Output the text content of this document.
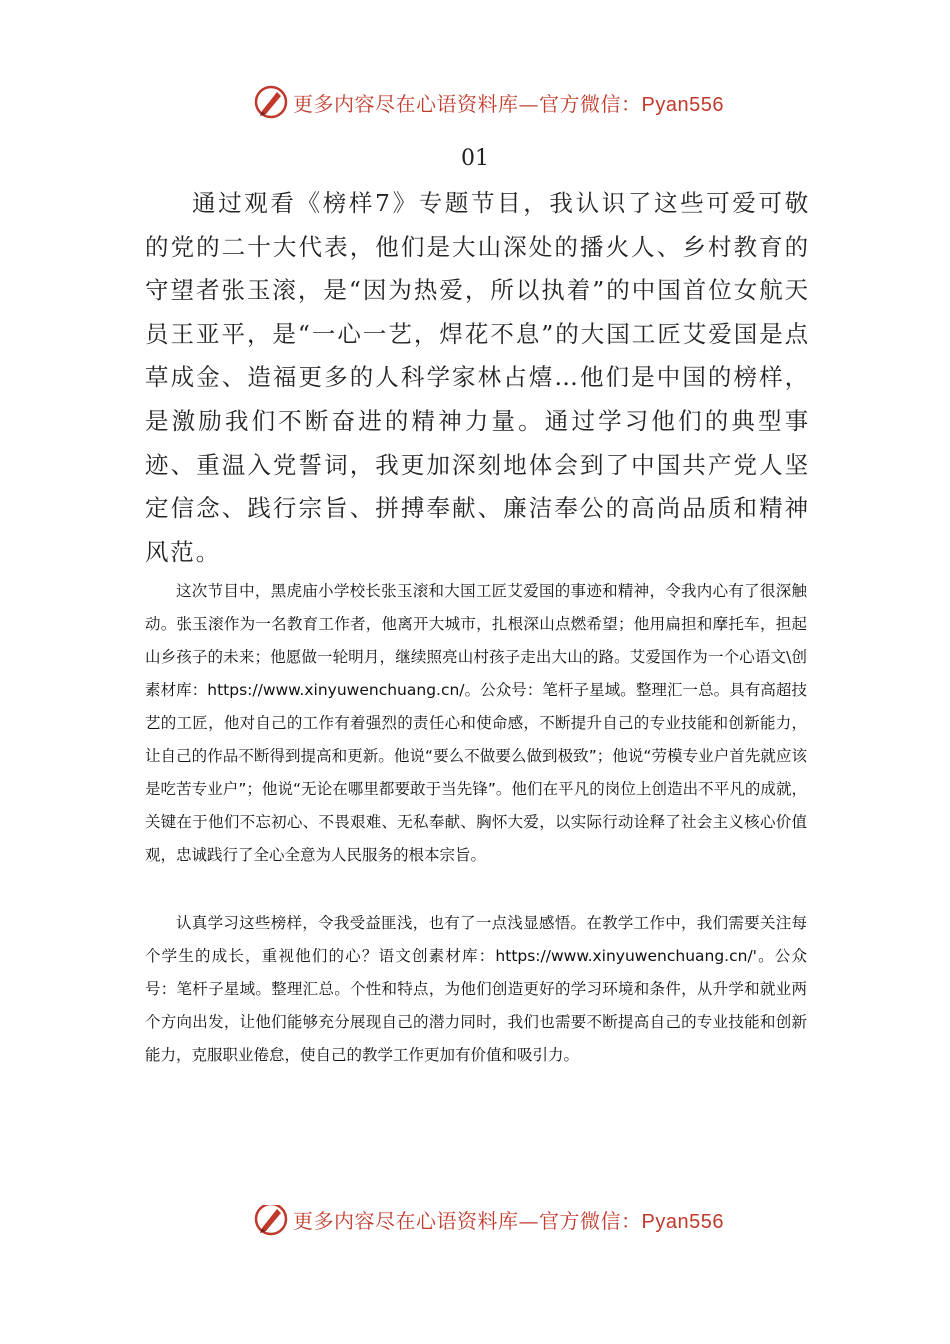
更多内容尽在心语资料库—官方微信：Pyan556
01

通过观看《榜样7》专题节目，我认识了这些可爱可敬的党的二十大代表，他们是大山深处的播火人、乡村教育的守望者张玉滚，是“因为热爱，所以执着”的中国首位女航天员王亚平，是“一心一艺，焊花不息”的大国工匠艾爱国是点草成金、造福更多的人科学家林占熺…他们是中国的榜样，是激励我们不断奋进的精神力量。通过学习他们的典型事迹、重温入党誓词，我更加深刻地体会到了中国共产党人坚定信念、践行宗旨、拼搏奉献、廉洁奉公的高尚品质和精神风范。

这次节目中，黑虎庙小学校长张玉滚和大国工匠艾爱国的事迹和精神，令我内心有了很深触动。张玉滚作为一名教育工作者，他离开大城市，扎根深山点燃希望；他用扁担和摩托车，担起山乡孩子的未来；他愿做一轮明月，继续照亮山村孩子走出大山的路。艾爱国作为一个心语文\创素材库：https://www.xinyuwenchuang.cn/。公众号：笔杆子星域。整理汇一总。具有高超技艺的工匠，他对自己的工作有着强烈的责任心和使命感，不断提升自己的专业技能和创新能力，让自己的作品不断得到提高和更新。他说“要么不做要么做到极致”；他说“劳模专业户首先就应该是吃苦专业户”；他说“无论在哪里都要敢于当先锋”。他们在平凡的岗位上创造出不平凡的成就，关键在于他们不忘初心、不畏艰难、无私奉献、胸怀大爱，以实际行动诠释了社会主义核心价值观，忠诚践行了全心全意为人民服务的根本宗旨。

认真学习这些榜样，令我受益匪浅，也有了一点浅显感悟。在教学工作中，我们需要关注每个学生的成长，重视他们的心？语文创素材库：https://www.xinyuwenchuang.cn/'。公众号：笔杆子星域。整理汇总。个性和特点，为他们创造更好的学习环境和条件，从升学和就业两个方向出发，让他们能够充分展现自己的潜力同时，我们也需要不断提高自己的专业技能和创新能力，克服职业倦怠，使自己的教学工作更加有价值和吸引力。

更多内容尽在心语资料库—官方微信：Pyan556
